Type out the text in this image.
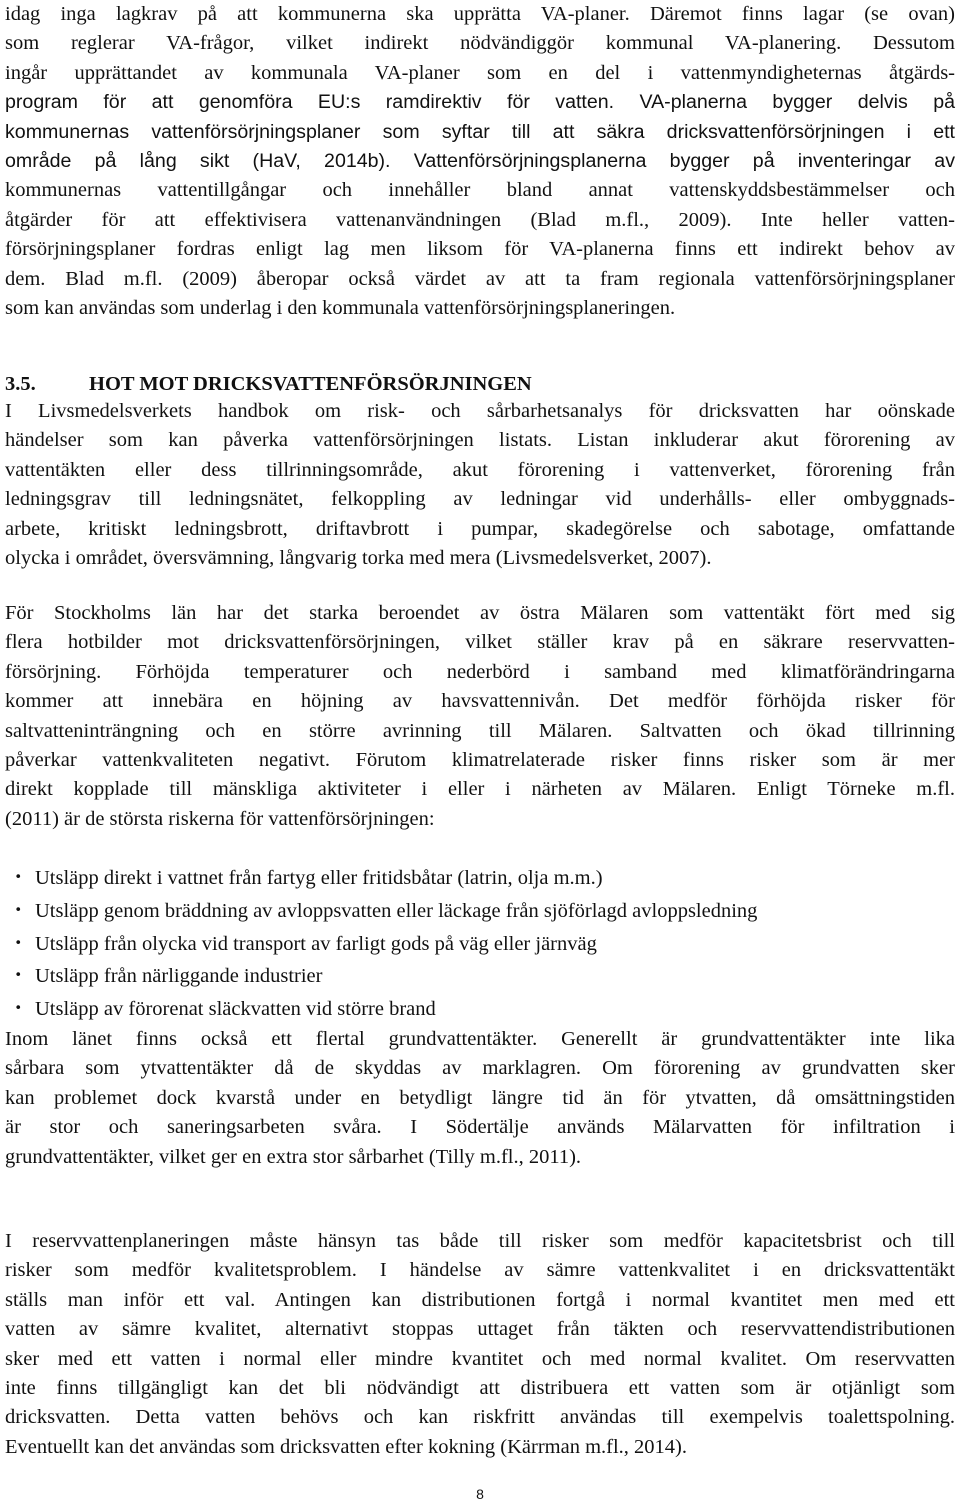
idag inga lagkrav på att kommunerna ska upprätta VA-planer. Däremot finns lagar (se ovan)
som reglerar VA-frågor, vilket indirekt nödvändiggör kommunal VA-planering. Dessutom
ingår upprättandet av kommunala VA-planer som en del i vattenmyndigheternas åtgärds-
program för att genomföra EU:s ramdirektiv för vatten. VA-planerna bygger delvis på
kommunernas vattenförsörjningsplaner som syftar till att säkra dricksvattenförsörjningen i ett
område på lång sikt (HaV, 2014b). Vattenförsörjningsplanerna bygger på inventeringar av
kommunernas vattentillgångar och innehåller bland annat vattenskyddsbestämmelser och
åtgärder för att effektivisera vattenanvändningen (Blad m.fl., 2009). Inte heller vatten-
försörjningsplaner fordras enligt lag men liksom för VA-planerna finns ett indirekt behov av
dem. Blad m.fl. (2009) åberopar också värdet av att ta fram regionala vattenförsörjningsplaner
som kan användas som underlag i den kommunala vattenförsörjningsplaneringen.
3.5.	HOT MOT DRICKSVATTENFÖRSÖRJNINGEN
I Livsmedelsverkets handbok om risk- och sårbarhetsanalys för dricksvatten har oönskade
händelser som kan påverka vattenförsörjningen listats. Listan inkluderar akut förorening av
vattentäkten eller dess tillrinningsområde, akut förorening i vattenverket, förorening från
ledningsgrav till ledningsnätet, felkoppling av ledningar vid underhålls- eller ombyggnads-
arbete, kritiskt ledningsbrott, driftavbrott i pumpar, skadegörelse och sabotage, omfattande
olycka i området, översvämning, långvarig torka med mera (Livsmedelsverket, 2007).
För Stockholms län har det starka beroendet av östra Mälaren som vattentäkt fört med sig
flera hotbilder mot dricksvattenförsörjningen, vilket ställer krav på en säkrare reservvatten-
försörjning. Förhöjda temperaturer och nederbörd i samband med klimatförändringarna
kommer att innebära en höjning av havsvattennivån. Det medför förhöjda risker för
saltvatteninträngning och en större avrinning till Mälaren. Saltvatten och ökad tillrinning
påverkar vattenkvaliteten negativt. Förutom klimatrelaterade risker finns risker som är mer
direkt kopplade till mänskliga aktiviteter i eller i närheten av Mälaren. Enligt Törneke m.fl.
(2011) är de största riskerna för vattenförsörjningen:
・ Utsläpp direkt i vattnet från fartyg eller fritidsbåtar (latrin, olja m.m.)
・ Utsläpp genom bräddning av avloppsvatten eller läckage från sjöförlagd avloppsledning
・ Utsläpp från olycka vid transport av farligt gods på väg eller järnväg
・ Utsläpp från närliggande industrier
・ Utsläpp av förorenat släckvatten vid större brand
Inom länet finns också ett flertal grundvattentäkter. Generellt är grundvattentäkter inte lika
sårbara som ytvattentäkter då de skyddas av marklagren. Om förorening av grundvatten sker
kan problemet dock kvarstå under en betydligt längre tid än för ytvatten, då omsättningstiden
är stor och saneringsarbeten svåra. I Södertälje används Mälarvatten för infiltration i
grundvattentäkter, vilket ger en extra stor sårbarhet (Tilly m.fl., 2011).
I reservvattenplaneringen måste hänsyn tas både till risker som medför kapacitetsbrist och till
risker som medför kvalitetsproblem. I händelse av sämre vattenkvalitet i en dricksvattentäkt
ställs man inför ett val. Antingen kan distributionen fortgå i normal kvantitet men med ett
vatten av sämre kvalitet, alternativt stoppas uttaget från täkten och reservvattendistributionen
sker med ett vatten i normal eller mindre kvantitet och med normal kvalitet. Om reservvatten
inte finns tillgängligt kan det bli nödvändigt att distribuera ett vatten som är otjänligt som
dricksvatten. Detta vatten behövs och kan riskfritt användas till exempelvis toalettspolning.
Eventuellt kan det användas som dricksvatten efter kokning (Kärrman m.fl., 2014).
8
